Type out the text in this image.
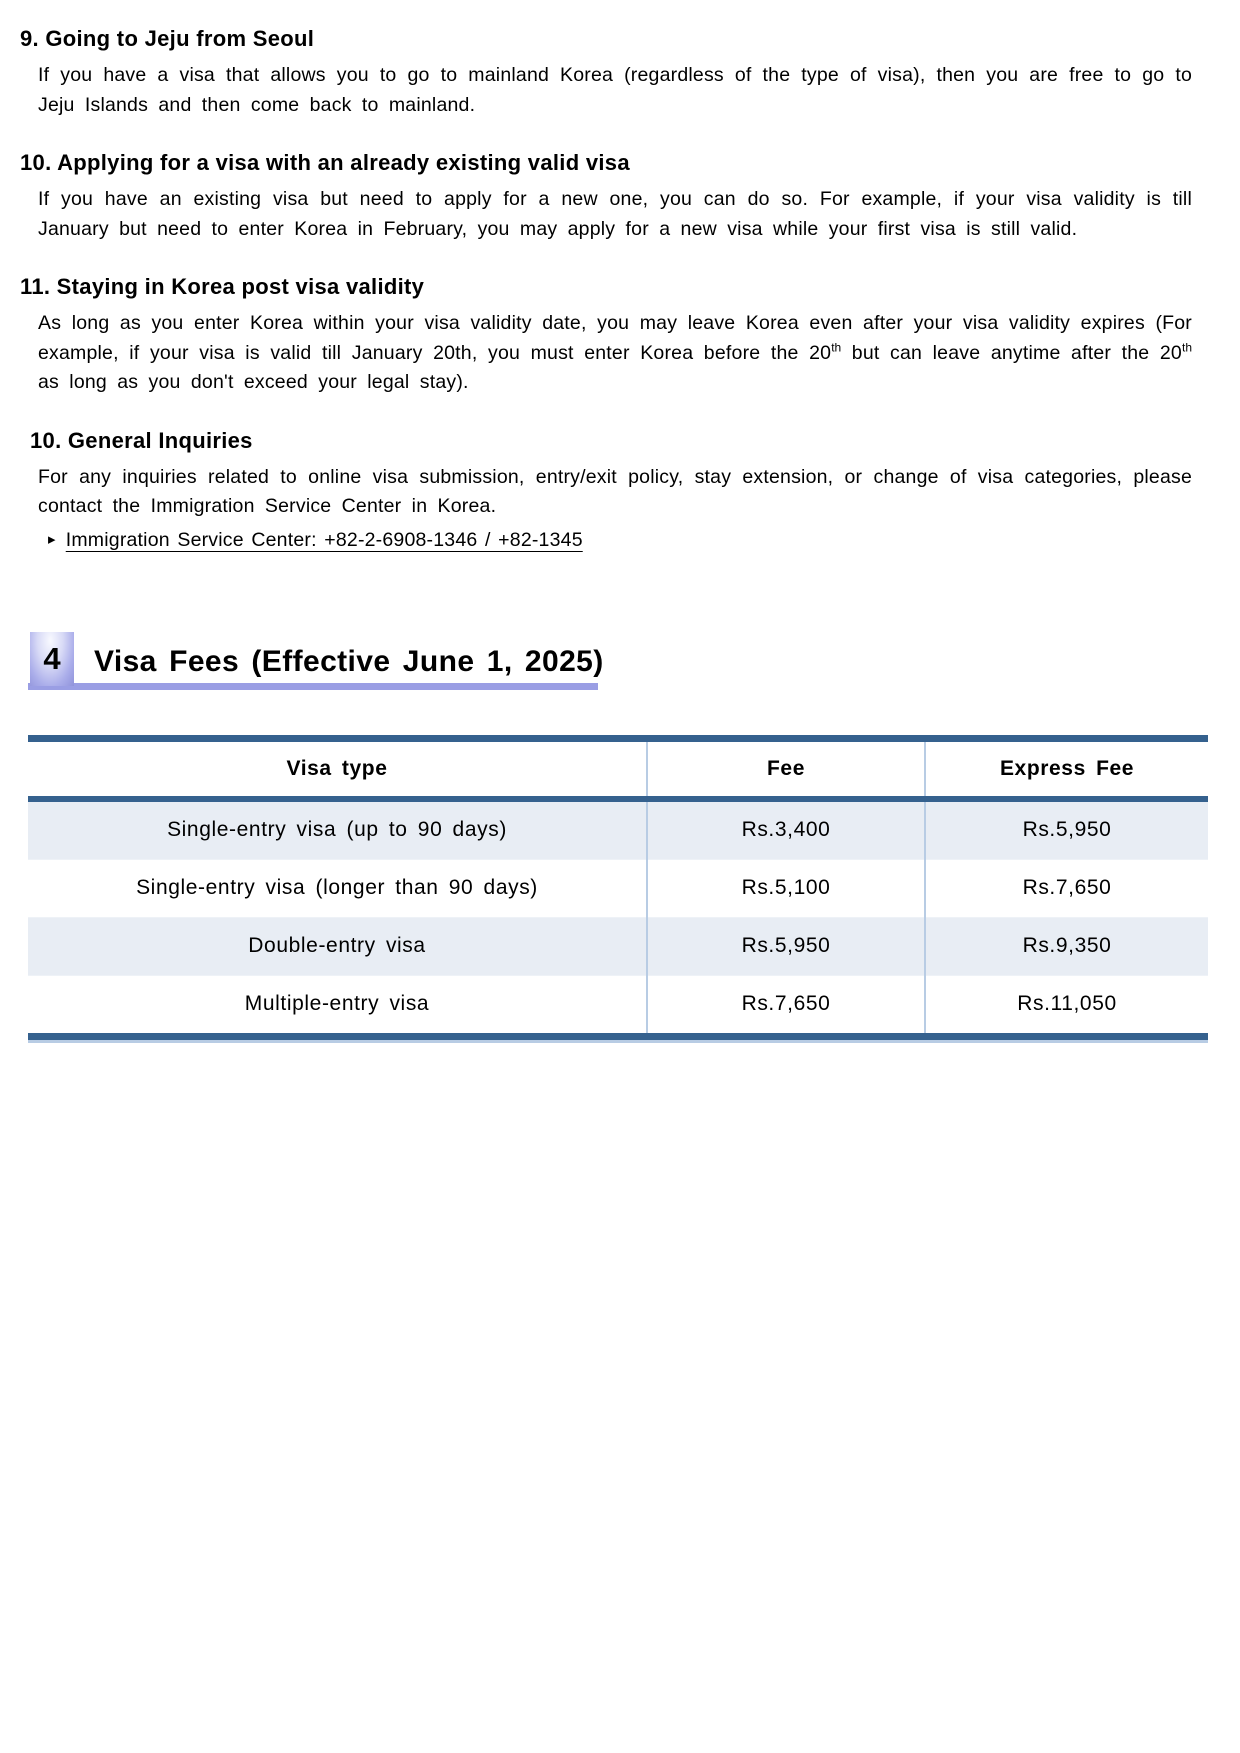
9. Going to Jeju from Seoul

If you have a visa that allows you to go to mainland Korea (regardless of the type of visa), then you are free to go to Jeju Islands and then come back to mainland.

10. Applying for a visa with an already existing valid visa

If you have an existing visa but need to apply for a new one, you can do so. For example, if your visa validity is till January but need to enter Korea in February, you may apply for a new visa while your first visa is still valid.

11. Staying in Korea post visa validity

As long as you enter Korea within your visa validity date, you may leave Korea even after your visa validity expires (For example, if your visa is valid till January 20th, you must enter Korea before the 20th but can leave anytime after the 20th as long as you don't exceed your legal stay).

10. General Inquiries

For any inquiries related to online visa submission, entry/exit policy, stay extension, or change of visa categories, please contact the Immigration Service Center in Korea.

▸ Immigration Service Center: +82-2-6908-1346 / +82-1345
4	Visa Fees (Effective June 1, 2025)
Visa type	Fee	Express Fee
Single-entry visa (up to 90 days)	Rs.3,400	Rs.5,950
Single-entry visa (longer than 90 days)	Rs.5,100	Rs.7,650
Double-entry visa	Rs.5,950	Rs.9,350
Multiple-entry visa	Rs.7,650	Rs.11,050
